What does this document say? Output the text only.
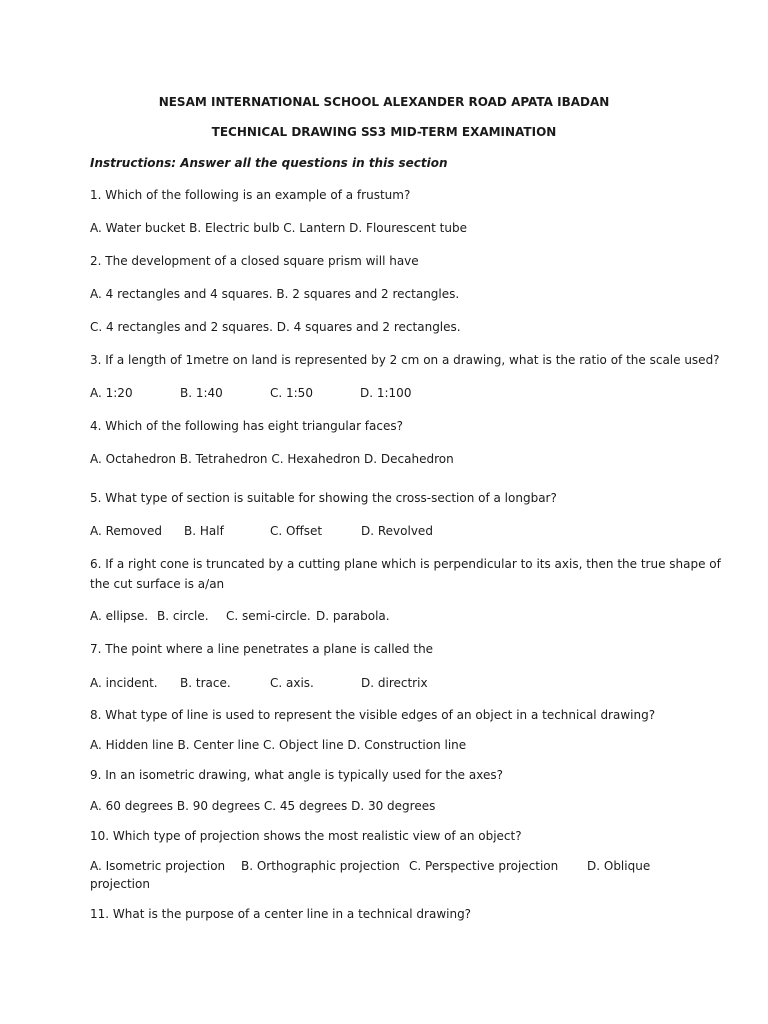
NESAM INTERNATIONAL SCHOOL ALEXANDER ROAD APATA IBADAN
TECHNICAL DRAWING SS3 MID-TERM EXAMINATION
Instructions: Answer all the questions in this section
1. Which of the following is an example of a frustum?
A. Water bucket B. Electric bulb C. Lantern D. Flourescent tube
2. The development of a closed square prism will have
A. 4 rectangles and 4 squares. B. 2 squares and 2 rectangles.
C. 4 rectangles and 2 squares. D. 4 squares and 2 rectangles.
3. If a length of 1metre on land is represented by 2 cm on a drawing, what is the ratio of the scale used?
A. 1:20	B. 1:40	C. 1:50	D. 1:100
4. Which of the following has eight triangular faces?
A. Octahedron B. Tetrahedron C. Hexahedron D. Decahedron
5. What type of section is suitable for showing the cross-section of a longbar?
A. Removed B. Half	C. Offset	D. Revolved
6. If a right cone is truncated by a cutting plane which is perpendicular to its axis, then the true shape of
the cut surface is a/an
A. ellipse. B. circle. C. semi-circle. D. parabola.
7. The point where a line penetrates a plane is called the
A. incident. B. trace.	C. axis.	D. directrix
8. What type of line is used to represent the visible edges of an object in a technical drawing?
A. Hidden line B. Center line C. Object line D. Construction line
9. In an isometric drawing, what angle is typically used for the axes?
A. 60 degrees B. 90 degrees C. 45 degrees D. 30 degrees
10. Which type of projection shows the most realistic view of an object?
A. Isometric projection B. Orthographic projection C. Perspective projection D. Oblique
projection
11. What is the purpose of a center line in a technical drawing?
